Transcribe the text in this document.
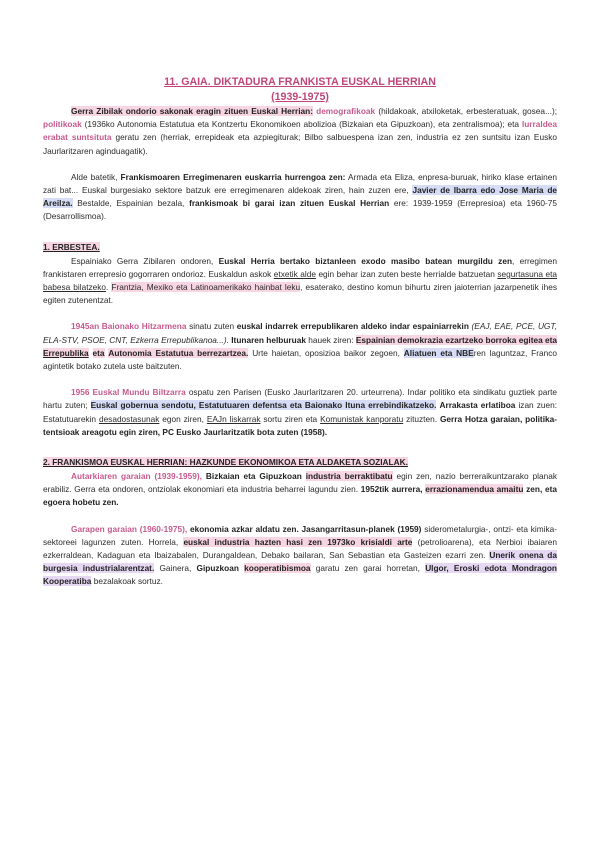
11. GAIA. DIKTADURA FRANKISTA EUSKAL HERRIAN
(1939-1975)

Gerra Zibilak ondorio sakonak eragin zituen Euskal Herrian: demografikoak (hildakoak, atxiloketak, erbesteratuak, gosea...); politikoak (1936ko Autonomia Estatutua eta Kontzertu Ekonomikoen abolizioa (Bizkaian eta Gipuzkoan), eta zentralismoa); eta lurraldea erabat suntsituta geratu zen (herriak, errepideak eta azpiegiturak; Bilbo salbuespena izan zen, industria ez zen suntsitu izan Eusko Jaurlaritzaren aginduagatik).

Alde batetik, Frankismoaren Erregimenaren euskarria hurrengoa zen: Armada eta Eliza, enpresa-buruak, hiriko klase ertainen zati bat... Euskal burgesiako sektore batzuk ere erregimenaren aldekoak ziren, hain zuzen ere, Javier de Ibarra edo Jose Maria de Areilza. Bestalde, Espainian bezala, frankismoak bi garai izan zituen Euskal Herrian ere: 1939-1959 (Errepresioa) eta 1960-75 (Desarrollismoa).

1. ERBESTEA.

Espainiako Gerra Zibilaren ondoren, Euskal Herria bertako biztanleen exodo masibo batean murgildu zen, erregimen frankistaren errepresio gogorraren ondorioz. Euskaldun askok etxetik alde egin behar izan zuten beste herrialde batzuetan segurtasuna eta babesa bilatzeko. Frantzia, Mexiko eta Latinoamerikako hainbat leku, esaterako, destino komun bihurtu ziren jaioterrian jazarpenetik ihes egiten zutenentzat.

1945an Baionako Hitzarmena sinatu zuten euskal indarrek errepublikaren aldeko indar espainiarrekin (EAJ, EAE, PCE, UGT, ELA-STV, PSOE, CNT, Ezkerra Errepublikanoa...). Itunaren helburuak hauek ziren: Espainian demokrazia ezartzeko borroka egitea eta Errepublika eta Autonomia Estatutua berrezartzea. Urte haietan, oposizioa baikor zegoen, Aliatuen eta NBEren laguntzaz, Franco agintetik botako zutela uste baitzuten.

1956 Euskal Mundu Biltzarra ospatu zen Parisen (Eusko Jaurlaritzaren 20. urteurrena). Indar politiko eta sindikatu guztiek parte hartu zuten; Euskal gobernua sendotu, Estatutuaren defentsa eta Baionako Ituna errebindikatzeko. Arrakasta erlatiboa izan zuen: Estatutuarekin desadostasunak egon ziren, EAJn liskarrak sortu ziren eta Komunistak kanporatu zituzten. Gerra Hotza garaian, politika-tentsioak areagotu egin ziren, PC Eusko Jaurlaritzatik bota zuten (1958).

2. FRANKISMOA EUSKAL HERRIAN: HAZKUNDE EKONOMIKOA ETA ALDAKETA SOZIALAK.

Autarkiaren garaian (1939-1959), Bizkaian eta Gipuzkoan industria berraktibatu egin zen, nazio berreraikuntzarako planak erabiliz. Gerra eta ondoren, ontziolak ekonomiari eta industria beharrei lagundu zien. 1952tik aurrera, errazionamendua amaitu zen, eta egoera hobetu zen.

Garapen garaian (1960-1975), ekonomia azkar aldatu zen. Jasangarritasun-planek (1959) siderometalurgia-, ontzi- eta kimika- sektoreei lagunzen zuten. Horrela, euskal industria hazten hasi zen 1973ko krisialdi arte (petrolioarena), eta Nerbioi ibaiaren ezkerraldean, Kadaguan eta Ibaizabalen, Durangaldean, Debako bailaran, San Sebastian eta Gasteizen ezarri zen. Unerik onena da burgesia industrialarentzat. Gainera, Gipuzkoan kooperatibismoa garatu zen garai horretan, Ulgor, Eroski edota Mondragon Kooperatiba bezalakoak sortuz.
